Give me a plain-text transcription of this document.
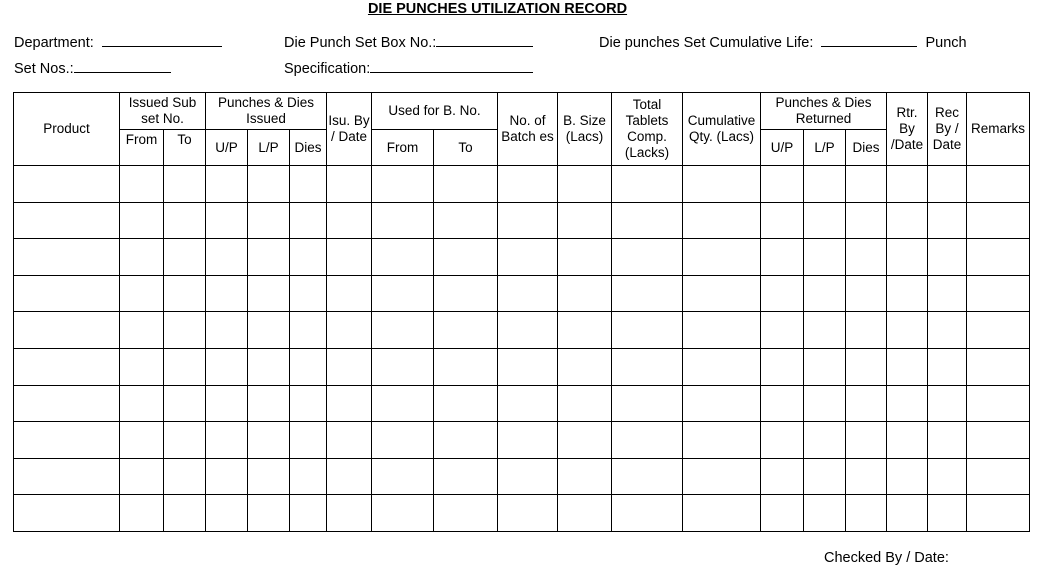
DIE PUNCHES UTILIZATION RECORD
Department:	Die Punch Set Box No.:	Die punches Set Cumulative Life:	Punch
Set Nos.:	Specification:
Product	Issued Sub set No.		Punches & Dies Issued			Isu. By / Date	Used for B. No.		No. of Batch es	B. Size (Lacs)	Total Tablets Comp. (Lacks)	Cumulative Qty. (Lacs)	Punches & Dies Returned			Rtr. By /Date	Rec By / Date	Remarks
	From	To	U/P	L/P	Dies		From	To					U/P	L/P	Dies			

Checked By / Date:
